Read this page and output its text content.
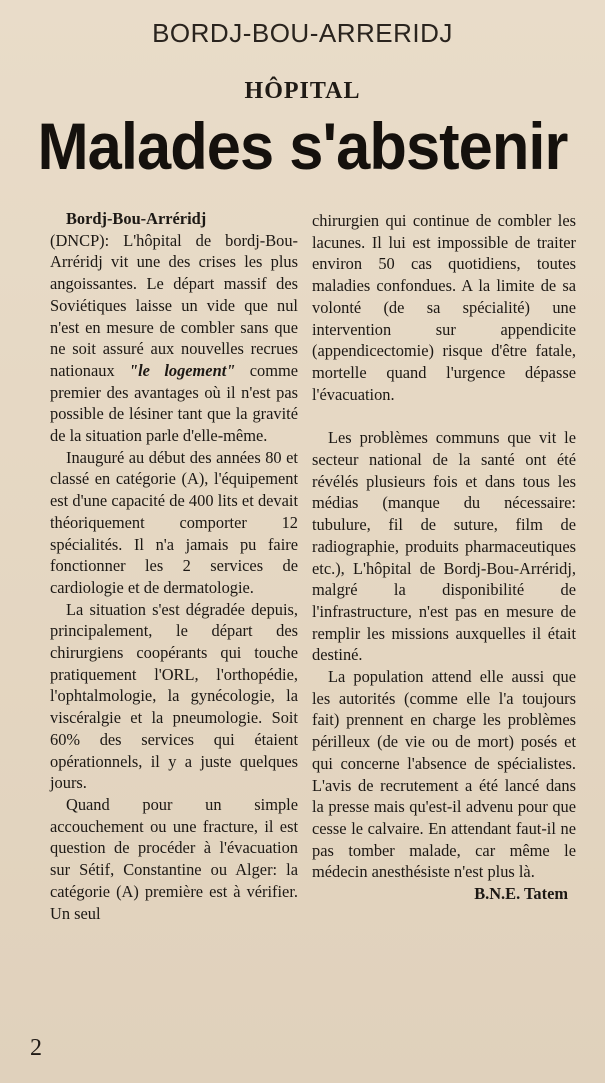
BORDJ-BOU-ARRERIDJ
HÔPITAL
Malades s'abstenir

Bordj-Bou-Arréridj
(DNCP): L'hôpital de bordj-Bou-Arréridj vit une des crises les plus angoissantes. Le départ massif des Soviétiques laisse un vide que nul n'est en mesure de combler sans que ne soit assuré aux nouvelles recrues nationaux "le logement" comme premier des avantages où il n'est pas possible de lésiner tant que la gravité de la situation parle d'elle-même.

Inauguré au début des années 80 et classé en catégorie (A), l'équipement est d'une capacité de 400 lits et devait théoriquement comporter 12 spécialités. Il n'a jamais pu faire fonctionner les 2 services de cardiologie et de dermatologie.

La situation s'est dégradée depuis, principalement, le départ des chirurgiens coopérants qui touche pratiquement l'ORL, l'orthopédie, l'ophtalmologie, la gynécologie, la viscéralgie et la pneumologie. Soit 60% des services qui étaient opérationnels, il y a juste quelques jours.

Quand pour un simple accouchement ou une fracture, il est question de procéder à l'évacuation sur Sétif, Constantine ou Alger: la catégorie (A) première est à vérifier. Un seul

chirurgien qui continue de combler les lacunes. Il lui est impossible de traiter environ 50 cas quotidiens, toutes maladies confondues. A la limite de sa volonté (de sa spécialité) une intervention sur appendicite (appendicectomie) risque d'être fatale, mortelle quand l'urgence dépasse l'évacuation.

Les problèmes communs que vit le secteur national de la santé ont été révélés plusieurs fois et dans tous les médias (manque du nécessaire: tubulure, fil de suture, film de radiographie, produits pharmaceutiques etc.), L'hôpital de Bordj-Bou-Arréridj, malgré la disponibilité de l'infrastructure, n'est pas en mesure de remplir les missions auxquelles il était destiné.

La population attend elle aussi que les autorités (comme elle l'a toujours fait) prennent en charge les problèmes périlleux (de vie ou de mort) posés et qui concerne l'absence de spécialistes. L'avis de recrutement a été lancé dans la presse mais qu'est-il advenu pour que cesse le calvaire. En attendant faut-il ne pas tomber malade, car même le médecin anesthésiste n'est plus là.

B.N.E. Tatem

2
